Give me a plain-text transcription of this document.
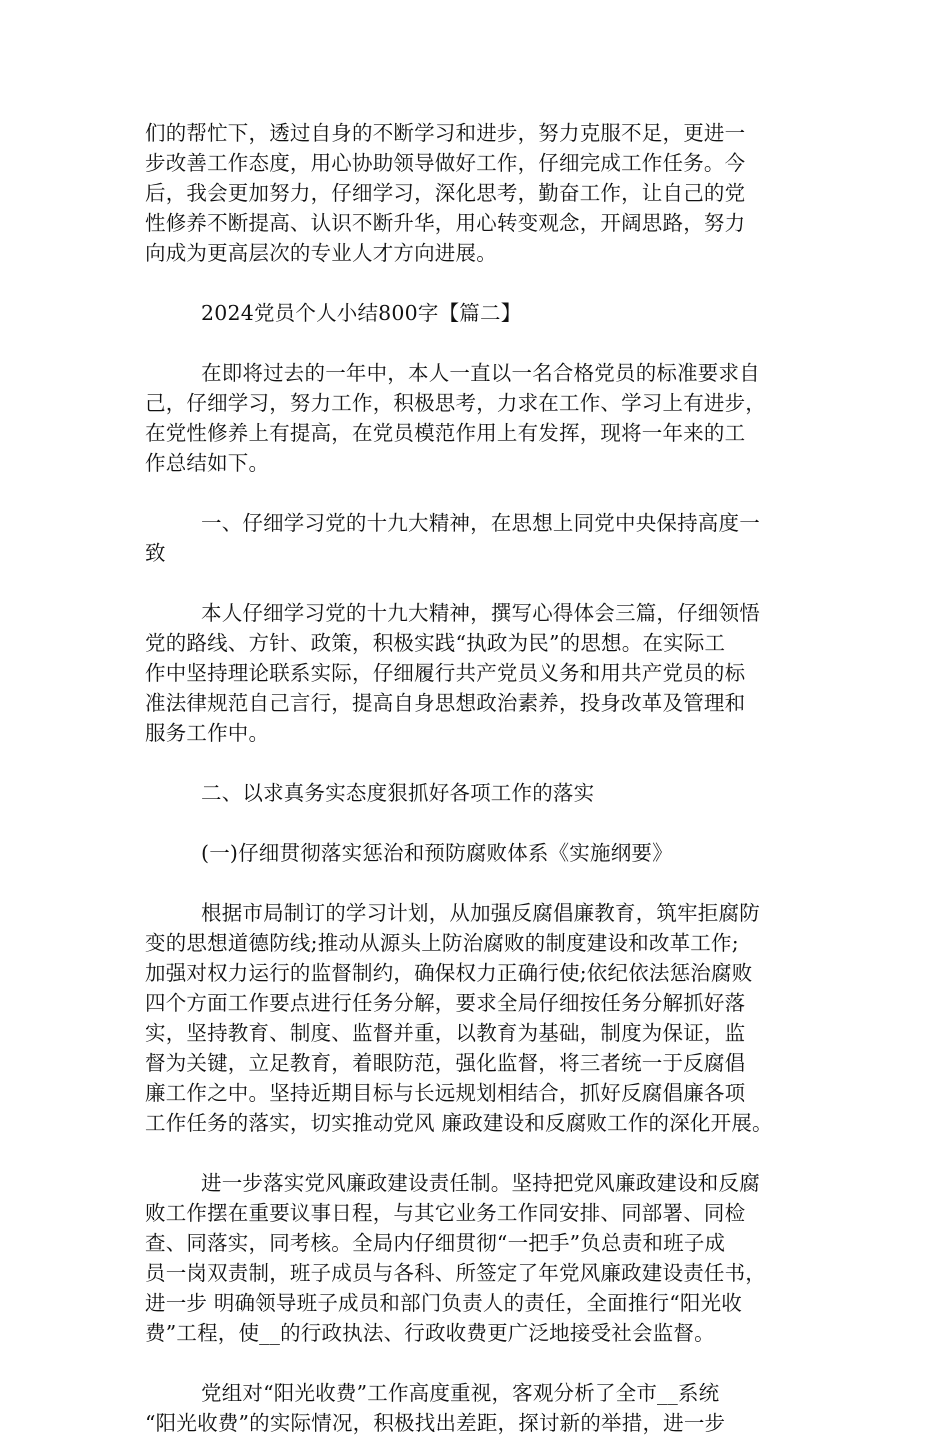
们的帮忙下，透过自身的不断学习和进步，努力克服不足，更进一
步改善工作态度，用心协助领导做好工作，仔细完成工作任务。今
后，我会更加努力，仔细学习，深化思考，勤奋工作，让自己的党
性修养不断提高、认识不断升华，用心转变观念，开阔思路，努力
向成为更高层次的专业人才方向进展。
2024党员个人小结800字【篇二】
在即将过去的一年中，本人一直以一名合格党员的标准要求自
己，仔细学习，努力工作，积极思考，力求在工作、学习上有进步，
在党性修养上有提高，在党员模范作用上有发挥，现将一年来的工
作总结如下。
一、仔细学习党的十九大精神，在思想上同党中央保持高度一
致
本人仔细学习党的十九大精神，撰写心得体会三篇，仔细领悟
党的路线、方针、政策，积极实践“执政为民”的思想。在实际工
作中坚持理论联系实际，仔细履行共产党员义务和用共产党员的标
准法律规范自己言行，提高自身思想政治素养，投身改革及管理和
服务工作中。
二、以求真务实态度狠抓好各项工作的落实
(一)仔细贯彻落实惩治和预防腐败体系《实施纲要》
根据市局制订的学习计划，从加强反腐倡廉教育，筑牢拒腐防
变的思想道德防线;推动从源头上防治腐败的制度建设和改革工作;
加强对权力运行的监督制约，确保权力正确行使;依纪依法惩治腐败
四个方面工作要点进行任务分解，要求全局仔细按任务分解抓好落
实，坚持教育、制度、监督并重，以教育为基础，制度为保证，监
督为关键，立足教育，着眼防范，强化监督，将三者统一于反腐倡
廉工作之中。坚持近期目标与长远规划相结合，抓好反腐倡廉各项
工作任务的落实，切实推动党风 廉政建设和反腐败工作的深化开展。
进一步落实党风廉政建设责任制。坚持把党风廉政建设和反腐
败工作摆在重要议事日程，与其它业务工作同安排、同部署、同检
查、同落实，同考核。全局内仔细贯彻“一把手”负总责和班子成
员一岗双责制，班子成员与各科、所签定了年党风廉政建设责任书，
进一步 明确领导班子成员和部门负责人的责任，全面推行“阳光收
费”工程，使__的行政执法、行政收费更广泛地接受社会监督。
党组对“阳光收费”工作高度重视，客观分析了全市__系统
“阳光收费”的实际情况，积极找出差距，探讨新的举措，进一步
